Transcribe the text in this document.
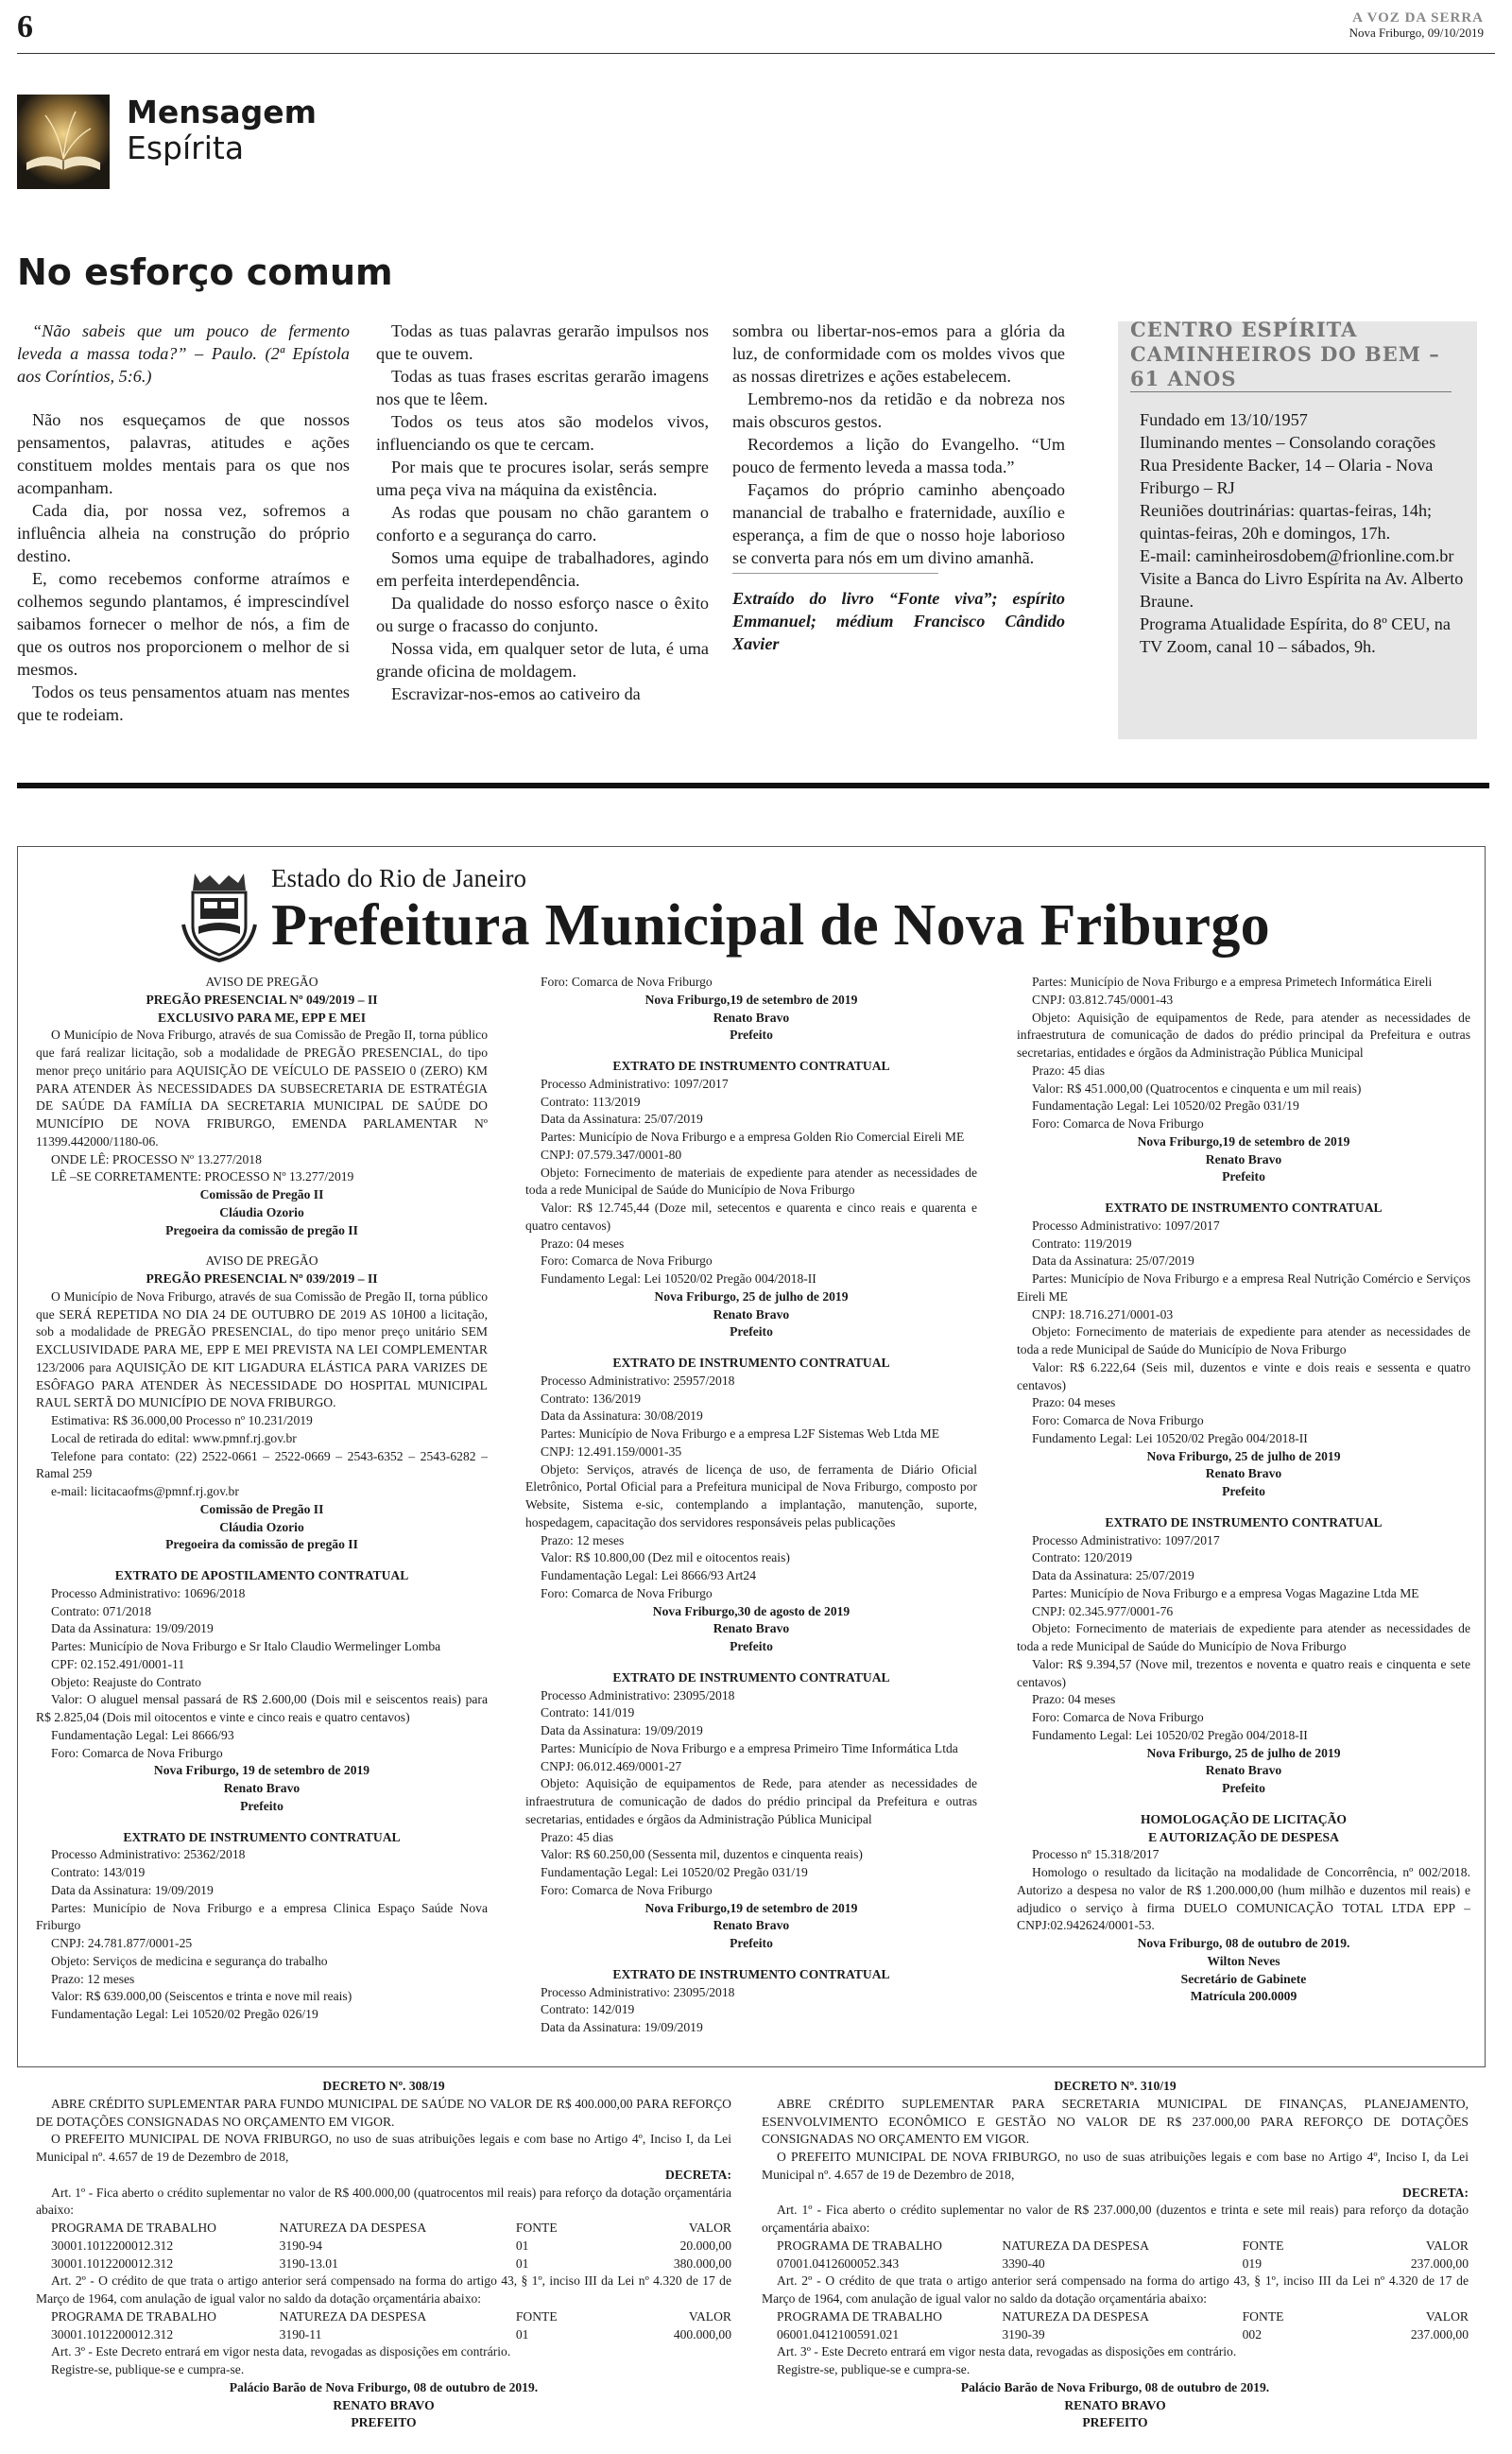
6	A VOZ DA SERRA
Nova Friburgo, 09/10/2019
Mensagem
Espírita
No esforço comum

“Não sabeis que um pouco de fermento leveda a massa toda?” – Paulo. (2ª Epístola aos Coríntios, 5:6.)

Não nos esqueçamos de que nossos pensamentos, palavras, atitudes e ações constituem moldes mentais para os que nos acompanham.

Cada dia, por nossa vez, sofremos a influência alheia na construção do próprio destino.

E, como recebemos conforme atraímos e colhemos segundo plantamos, é imprescindível saibamos fornecer o melhor de nós, a fim de que os outros nos proporcionem o melhor de si mesmos.

Todos os teus pensamentos atuam nas mentes que te rodeiam.

Todas as tuas palavras gerarão impulsos nos que te ouvem.

Todas as tuas frases escritas gerarão imagens nos que te lêem.

Todos os teus atos são modelos vivos, influenciando os que te cercam.

Por mais que te procures isolar, serás sempre uma peça viva na máquina da existência.

As rodas que pousam no chão garantem o conforto e a segurança do carro.

Somos uma equipe de trabalhadores, agindo em perfeita interdependência.

Da qualidade do nosso esforço nasce o êxito ou surge o fracasso do conjunto.

Nossa vida, em qualquer setor de luta, é uma grande oficina de moldagem.

Escravizar-nos-emos ao cativeiro da

sombra ou libertar-nos-emos para a glória da luz, de conformidade com os moldes vivos que as nossas diretrizes e ações estabelecem.

Lembremo-nos da retidão e da nobreza nos mais obscuros gestos.

Recordemos a lição do Evangelho. “Um pouco de fermento leveda a massa toda.”

Façamos do próprio caminho abençoado manancial de trabalho e fraternidade, auxílio e esperança, a fim de que o nosso hoje laborioso se converta para nós em um divino amanhã.

Extraído do livro “Fonte viva”; espírito Emmanuel; médium Francisco Cândido Xavier

CENTRO ESPÍRITA CAMINHEIROS DO BEM – 61 ANOS

Fundado em 13/10/1957

Iluminando mentes – Consolando corações

Rua Presidente Backer, 14 – Olaria - Nova Friburgo – RJ

Reuniões doutrinárias: quartas-feiras, 14h; quintas-feiras, 20h e domingos, 17h.

E-mail: caminheirosdobem@frionline.com.br

Visite a Banca do Livro Espírita na Av. Alberto Braune.

Programa Atualidade Espírita, do 8º CEU, na TV Zoom, canal 10 – sábados, 9h.

Estado do Rio de Janeiro
Prefeitura Municipal de Nova Friburgo

AVISO DE PREGÃO

PREGÃO PRESENCIAL Nº 049/2019 – II

EXCLUSIVO PARA ME, EPP E MEI

O Município de Nova Friburgo, através de sua Comissão de Pregão II, torna público que fará realizar licitação, sob a modalidade de PREGÃO PRESENCIAL, do tipo menor preço unitário para AQUISIÇÃO DE VEÍCULO DE PASSEIO 0 (ZERO) KM PARA ATENDER ÀS NECESSIDADES DA SUBSECRETARIA DE ESTRATÉGIA DE SAÚDE DA FAMÍLIA DA SECRETARIA MUNICIPAL DE SAÚDE DO MUNICÍPIO DE NOVA FRIBURGO, EMENDA PARLAMENTAR Nº 11399.442000/1180-06.

ONDE LÊ: PROCESSO Nº 13.277/2018

LÊ –SE CORRETAMENTE: PROCESSO Nº 13.277/2019

Comissão de Pregão II

Cláudia Ozorio

Pregoeira da comissão de pregão II

AVISO DE PREGÃO

PREGÃO PRESENCIAL Nº 039/2019 – II

O Município de Nova Friburgo, através de sua Comissão de Pregão II, torna público que SERÁ REPETIDA NO DIA 24 DE OUTUBRO DE 2019 AS 10H00 a licitação, sob a modalidade de PREGÃO PRESENCIAL, do tipo menor preço unitário SEM EXCLUSIVIDADE PARA ME, EPP E MEI PREVISTA NA LEI COMPLEMENTAR 123/2006 para AQUISIÇÃO DE KIT LIGADURA ELÁSTICA PARA VARIZES DE ESÔFAGO PARA ATENDER ÀS NECESSIDADE DO HOSPITAL MUNICIPAL RAUL SERTÃ DO MUNICÍPIO DE NOVA FRIBURGO.

Estimativa: R$ 36.000,00 Processo nº 10.231/2019

Local de retirada do edital: www.pmnf.rj.gov.br

Telefone para contato: (22) 2522-0661 – 2522-0669 – 2543-6352 – 2543-6282 – Ramal 259

e-mail: licitacaofms@pmnf.rj.gov.br

Comissão de Pregão II

Cláudia Ozorio

Pregoeira da comissão de pregão II

EXTRATO DE APOSTILAMENTO CONTRATUAL

Processo Administrativo: 10696/2018

Contrato: 071/2018

Data da Assinatura: 19/09/2019

Partes: Município de Nova Friburgo e Sr Italo Claudio Wermelinger Lomba

CPF: 02.152.491/0001-11

Objeto: Reajuste do Contrato

Valor: O aluguel mensal passará de R$ 2.600,00 (Dois mil e seiscentos reais) para R$ 2.825,04 (Dois mil oitocentos e vinte e cinco reais e quatro centavos)

Fundamentação Legal: Lei 8666/93

Foro: Comarca de Nova Friburgo

Nova Friburgo, 19 de setembro de 2019

Renato Bravo

Prefeito

EXTRATO DE INSTRUMENTO CONTRATUAL

Processo Administrativo: 25362/2018

Contrato: 143/019

Data da Assinatura: 19/09/2019

Partes: Município de Nova Friburgo e a empresa Clinica Espaço Saúde Nova Friburgo

CNPJ: 24.781.877/0001-25

Objeto: Serviços de medicina e segurança do trabalho

Prazo: 12 meses

Valor: R$ 639.000,00 (Seiscentos e trinta e nove mil reais)

Fundamentação Legal: Lei 10520/02 Pregão 026/19

Foro: Comarca de Nova Friburgo

Nova Friburgo,19 de setembro de 2019

Renato Bravo

Prefeito

EXTRATO DE INSTRUMENTO CONTRATUAL

Processo Administrativo: 1097/2017

Contrato: 113/2019

Data da Assinatura: 25/07/2019

Partes: Município de Nova Friburgo e a empresa Golden Rio Comercial Eireli ME

CNPJ: 07.579.347/0001-80

Objeto: Fornecimento de materiais de expediente para atender as necessidades de toda a rede Municipal de Saúde do Município de Nova Friburgo

Valor: R$ 12.745,44 (Doze mil, setecentos e quarenta e cinco reais e quarenta e quatro centavos)

Prazo: 04 meses

Foro: Comarca de Nova Friburgo

Fundamento Legal: Lei 10520/02 Pregão 004/2018-II

Nova Friburgo, 25 de julho de 2019

Renato Bravo

Prefeito

EXTRATO DE INSTRUMENTO CONTRATUAL

Processo Administrativo: 25957/2018

Contrato: 136/2019

Data da Assinatura: 30/08/2019

Partes: Município de Nova Friburgo e a empresa L2F Sistemas Web Ltda ME

CNPJ: 12.491.159/0001-35

Objeto: Serviços, através de licença de uso, de ferramenta de Diário Oficial Eletrônico, Portal Oficial para a Prefeitura municipal de Nova Friburgo, composto por Website, Sistema e-sic, contemplando a implantação, manutenção, suporte, hospedagem, capacitação dos servidores responsáveis pelas publicações

Prazo: 12 meses

Valor: R$ 10.800,00 (Dez mil e oitocentos reais)

Fundamentação Legal: Lei 8666/93 Art24

Foro: Comarca de Nova Friburgo

Nova Friburgo,30 de agosto de 2019

Renato Bravo

Prefeito

EXTRATO DE INSTRUMENTO CONTRATUAL

Processo Administrativo: 23095/2018

Contrato: 141/019

Data da Assinatura: 19/09/2019

Partes: Município de Nova Friburgo e a empresa Primeiro Time Informática Ltda

CNPJ: 06.012.469/0001-27

Objeto: Aquisição de equipamentos de Rede, para atender as necessidades de infraestrutura de comunicação de dados do prédio principal da Prefeitura e outras secretarias, entidades e órgãos da Administração Pública Municipal

Prazo: 45 dias

Valor: R$ 60.250,00 (Sessenta mil, duzentos e cinquenta reais)

Fundamentação Legal: Lei 10520/02 Pregão 031/19

Foro: Comarca de Nova Friburgo

Nova Friburgo,19 de setembro de 2019

Renato Bravo

Prefeito

EXTRATO DE INSTRUMENTO CONTRATUAL

Processo Administrativo: 23095/2018

Contrato: 142/019

Data da Assinatura: 19/09/2019

Partes: Município de Nova Friburgo e a empresa Primetech Informática Eireli

CNPJ: 03.812.745/0001-43

Objeto: Aquisição de equipamentos de Rede, para atender as necessidades de infraestrutura de comunicação de dados do prédio principal da Prefeitura e outras secretarias, entidades e órgãos da Administração Pública Municipal

Prazo: 45 dias

Valor: R$ 451.000,00 (Quatrocentos e cinquenta e um mil reais)

Fundamentação Legal: Lei 10520/02 Pregão 031/19

Foro: Comarca de Nova Friburgo

Nova Friburgo,19 de setembro de 2019

Renato Bravo

Prefeito

EXTRATO DE INSTRUMENTO CONTRATUAL

Processo Administrativo: 1097/2017

Contrato: 119/2019

Data da Assinatura: 25/07/2019

Partes: Município de Nova Friburgo e a empresa Real Nutrição Comércio e Serviços Eireli ME

CNPJ: 18.716.271/0001-03

Objeto: Fornecimento de materiais de expediente para atender as necessidades de toda a rede Municipal de Saúde do Município de Nova Friburgo

Valor: R$ 6.222,64 (Seis mil, duzentos e vinte e dois reais e sessenta e quatro centavos)

Prazo: 04 meses

Foro: Comarca de Nova Friburgo

Fundamento Legal: Lei 10520/02 Pregão 004/2018-II

Nova Friburgo, 25 de julho de 2019

Renato Bravo

Prefeito

EXTRATO DE INSTRUMENTO CONTRATUAL

Processo Administrativo: 1097/2017

Contrato: 120/2019

Data da Assinatura: 25/07/2019

Partes: Município de Nova Friburgo e a empresa Vogas Magazine Ltda ME

CNPJ: 02.345.977/0001-76

Objeto: Fornecimento de materiais de expediente para atender as necessidades de toda a rede Municipal de Saúde do Município de Nova Friburgo

Valor: R$ 9.394,57 (Nove mil, trezentos e noventa e quatro reais e cinquenta e sete centavos)

Prazo: 04 meses

Foro: Comarca de Nova Friburgo

Fundamento Legal: Lei 10520/02 Pregão 004/2018-II

Nova Friburgo, 25 de julho de 2019

Renato Bravo

Prefeito

HOMOLOGAÇÃO DE LICITAÇÃO

E AUTORIZAÇÃO DE DESPESA

Processo nº 15.318/2017

Homologo o resultado da licitação na modalidade de Concorrência, nº 002/2018. Autorizo a despesa no valor de R$ 1.200.000,00 (hum milhão e duzentos mil reais) e adjudico o serviço à firma DUELO COMUNICAÇÃO TOTAL LTDA EPP – CNPJ:02.942624/0001-53.

Nova Friburgo, 08 de outubro de 2019.

Wilton Neves

Secretário de Gabinete

Matrícula 200.0009

DECRETO Nº. 308/19

ABRE CRÉDITO SUPLEMENTAR PARA FUNDO MUNICIPAL DE SAÚDE NO VALOR DE R$ 400.000,00 PARA REFORÇO DE DOTAÇÕES CONSIGNADAS NO ORÇAMENTO EM VIGOR.

O PREFEITO MUNICIPAL DE NOVA FRIBURGO, no uso de suas atribuições legais e com base no Artigo 4º, Inciso I, da Lei Municipal nº. 4.657 de 19 de Dezembro de 2018,

DECRETA:

Art. 1º - Fica aberto o crédito suplementar no valor de R$ 400.000,00 (quatrocentos mil reais) para reforço da dotação orçamentária abaixo:

PROGRAMA DE TRABALHO	NATUREZA DA DESPESA	FONTE	VALOR
30001.1012200012.312	3190-94	01	20.000,00
30001.1012200012.312	3190-13.01	01	380.000,00

Art. 2º - O crédito de que trata o artigo anterior será compensado na forma do artigo 43, § 1º, inciso III da Lei nº 4.320 de 17 de Março de 1964, com anulação de igual valor no saldo da dotação orçamentária abaixo:

PROGRAMA DE TRABALHO	NATUREZA DA DESPESA	FONTE	VALOR
30001.1012200012.312	3190-11	01	400.000,00

Art. 3º - Este Decreto entrará em vigor nesta data, revogadas as disposições em contrário.

Registre-se, publique-se e cumpra-se.

Palácio Barão de Nova Friburgo, 08 de outubro de 2019.

RENATO BRAVO

PREFEITO

DECRETO Nº. 310/19

ABRE CRÉDITO SUPLEMENTAR PARA SECRETARIA MUNICIPAL DE FINANÇAS, PLANEJAMENTO, ESENVOLVIMENTO ECONÔMICO E GESTÃO NO VALOR DE R$ 237.000,00 PARA REFORÇO DE DOTAÇÕES CONSIGNADAS NO ORÇAMENTO EM VIGOR.

O PREFEITO MUNICIPAL DE NOVA FRIBURGO, no uso de suas atribuições legais e com base no Artigo 4º, Inciso I, da Lei Municipal nº. 4.657 de 19 de Dezembro de 2018,

DECRETA:

Art. 1º - Fica aberto o crédito suplementar no valor de R$ 237.000,00 (duzentos e trinta e sete mil reais) para reforço da dotação orçamentária abaixo:

PROGRAMA DE TRABALHO	NATUREZA DA DESPESA	FONTE	VALOR
07001.0412600052.343	3390-40	019	237.000,00

Art. 2º - O crédito de que trata o artigo anterior será compensado na forma do artigo 43, § 1º, inciso III da Lei nº 4.320 de 17 de Março de 1964, com anulação de igual valor no saldo da dotação orçamentária abaixo:

PROGRAMA DE TRABALHO	NATUREZA DA DESPESA	FONTE	VALOR
06001.0412100591.021	3190-39	002	237.000,00

Art. 3º - Este Decreto entrará em vigor nesta data, revogadas as disposições em contrário.

Registre-se, publique-se e cumpra-se.

Palácio Barão de Nova Friburgo, 08 de outubro de 2019.

RENATO BRAVO

PREFEITO
